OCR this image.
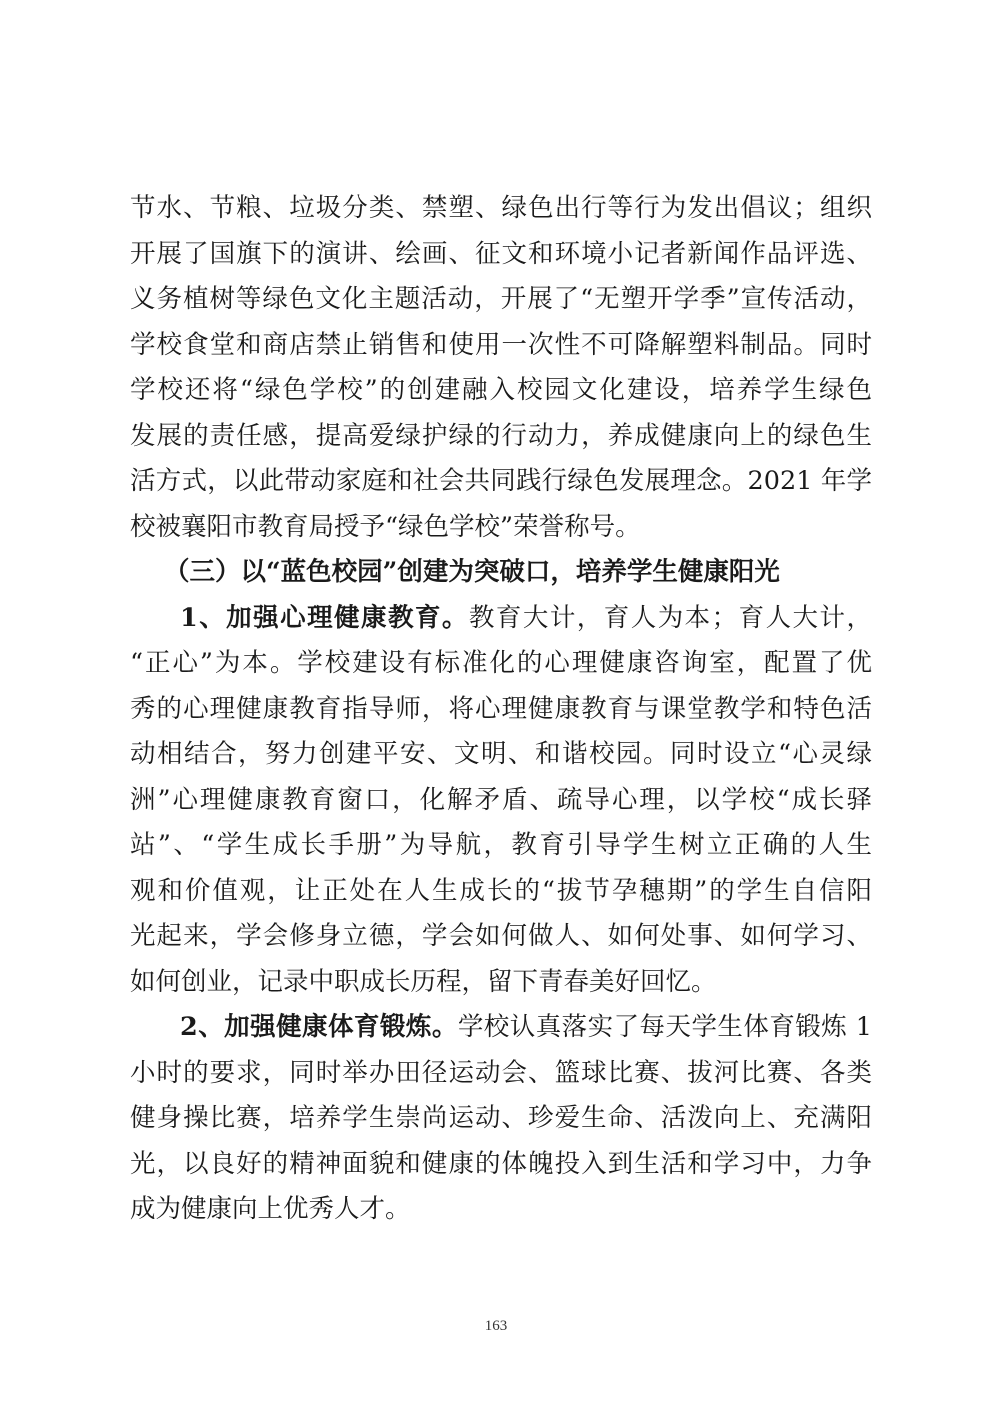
节水、节粮、垃圾分类、禁塑、绿色出行等行为发出倡议；组织
开展了国旗下的演讲、绘画、征文和环境小记者新闻作品评选、
义务植树等绿色文化主题活动，开展了“无塑开学季”宣传活动，
学校食堂和商店禁止销售和使用一次性不可降解塑料制品。同时
学校还将“绿色学校”的创建融入校园文化建设，培养学生绿色
发展的责任感，提高爱绿护绿的行动力，养成健康向上的绿色生
活方式，以此带动家庭和社会共同践行绿色发展理念。2021 年学
校被襄阳市教育局授予“绿色学校”荣誉称号。
（三）以“蓝色校园”创建为突破口，培养学生健康阳光
1、加强心理健康教育。教育大计，育人为本；育人大计，
“正心”为本。学校建设有标准化的心理健康咨询室，配置了优
秀的心理健康教育指导师，将心理健康教育与课堂教学和特色活
动相结合，努力创建平安、文明、和谐校园。同时设立“心灵绿
洲”心理健康教育窗口，化解矛盾、疏导心理，以学校“成长驿
站”、“学生成长手册”为导航，教育引导学生树立正确的人生
观和价值观，让正处在人生成长的“拔节孕穗期”的学生自信阳
光起来，学会修身立德，学会如何做人、如何处事、如何学习、
如何创业，记录中职成长历程，留下青春美好回忆。
2、加强健康体育锻炼。学校认真落实了每天学生体育锻炼 1
小时的要求，同时举办田径运动会、篮球比赛、拔河比赛、各类
健身操比赛，培养学生崇尚运动、珍爱生命、活泼向上、充满阳
光，以良好的精神面貌和健康的体魄投入到生活和学习中，力争
成为健康向上优秀人才。
163
